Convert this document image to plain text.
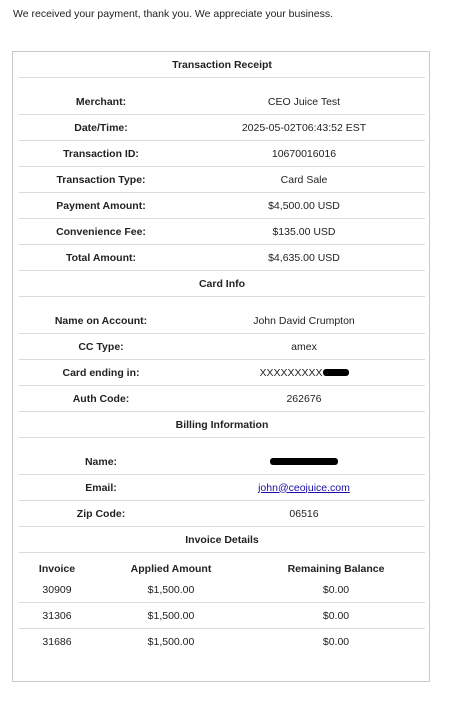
We received your payment, thank you. We appreciate your business.
Transaction Receipt
Merchant:	CEO Juice Test
Date/Time:	2025-05-02T06:43:52 EST
Transaction ID:	10670016016
Transaction Type:	Card Sale
Payment Amount:	$4,500.00 USD
Convenience Fee:	$135.00 USD
Total Amount:	$4,635.00 USD
Card Info
Name on Account:	John David Crumpton
CC Type:	amex
Card ending in:	XXXXXXXXX
Auth Code:	262676
Billing Information
Name:
Email:	john@ceojuice.com
Zip Code:	06516
Invoice Details
Invoice	Applied Amount	Remaining Balance
30909	$1,500.00	$0.00
31306	$1,500.00	$0.00
31686	$1,500.00	$0.00
